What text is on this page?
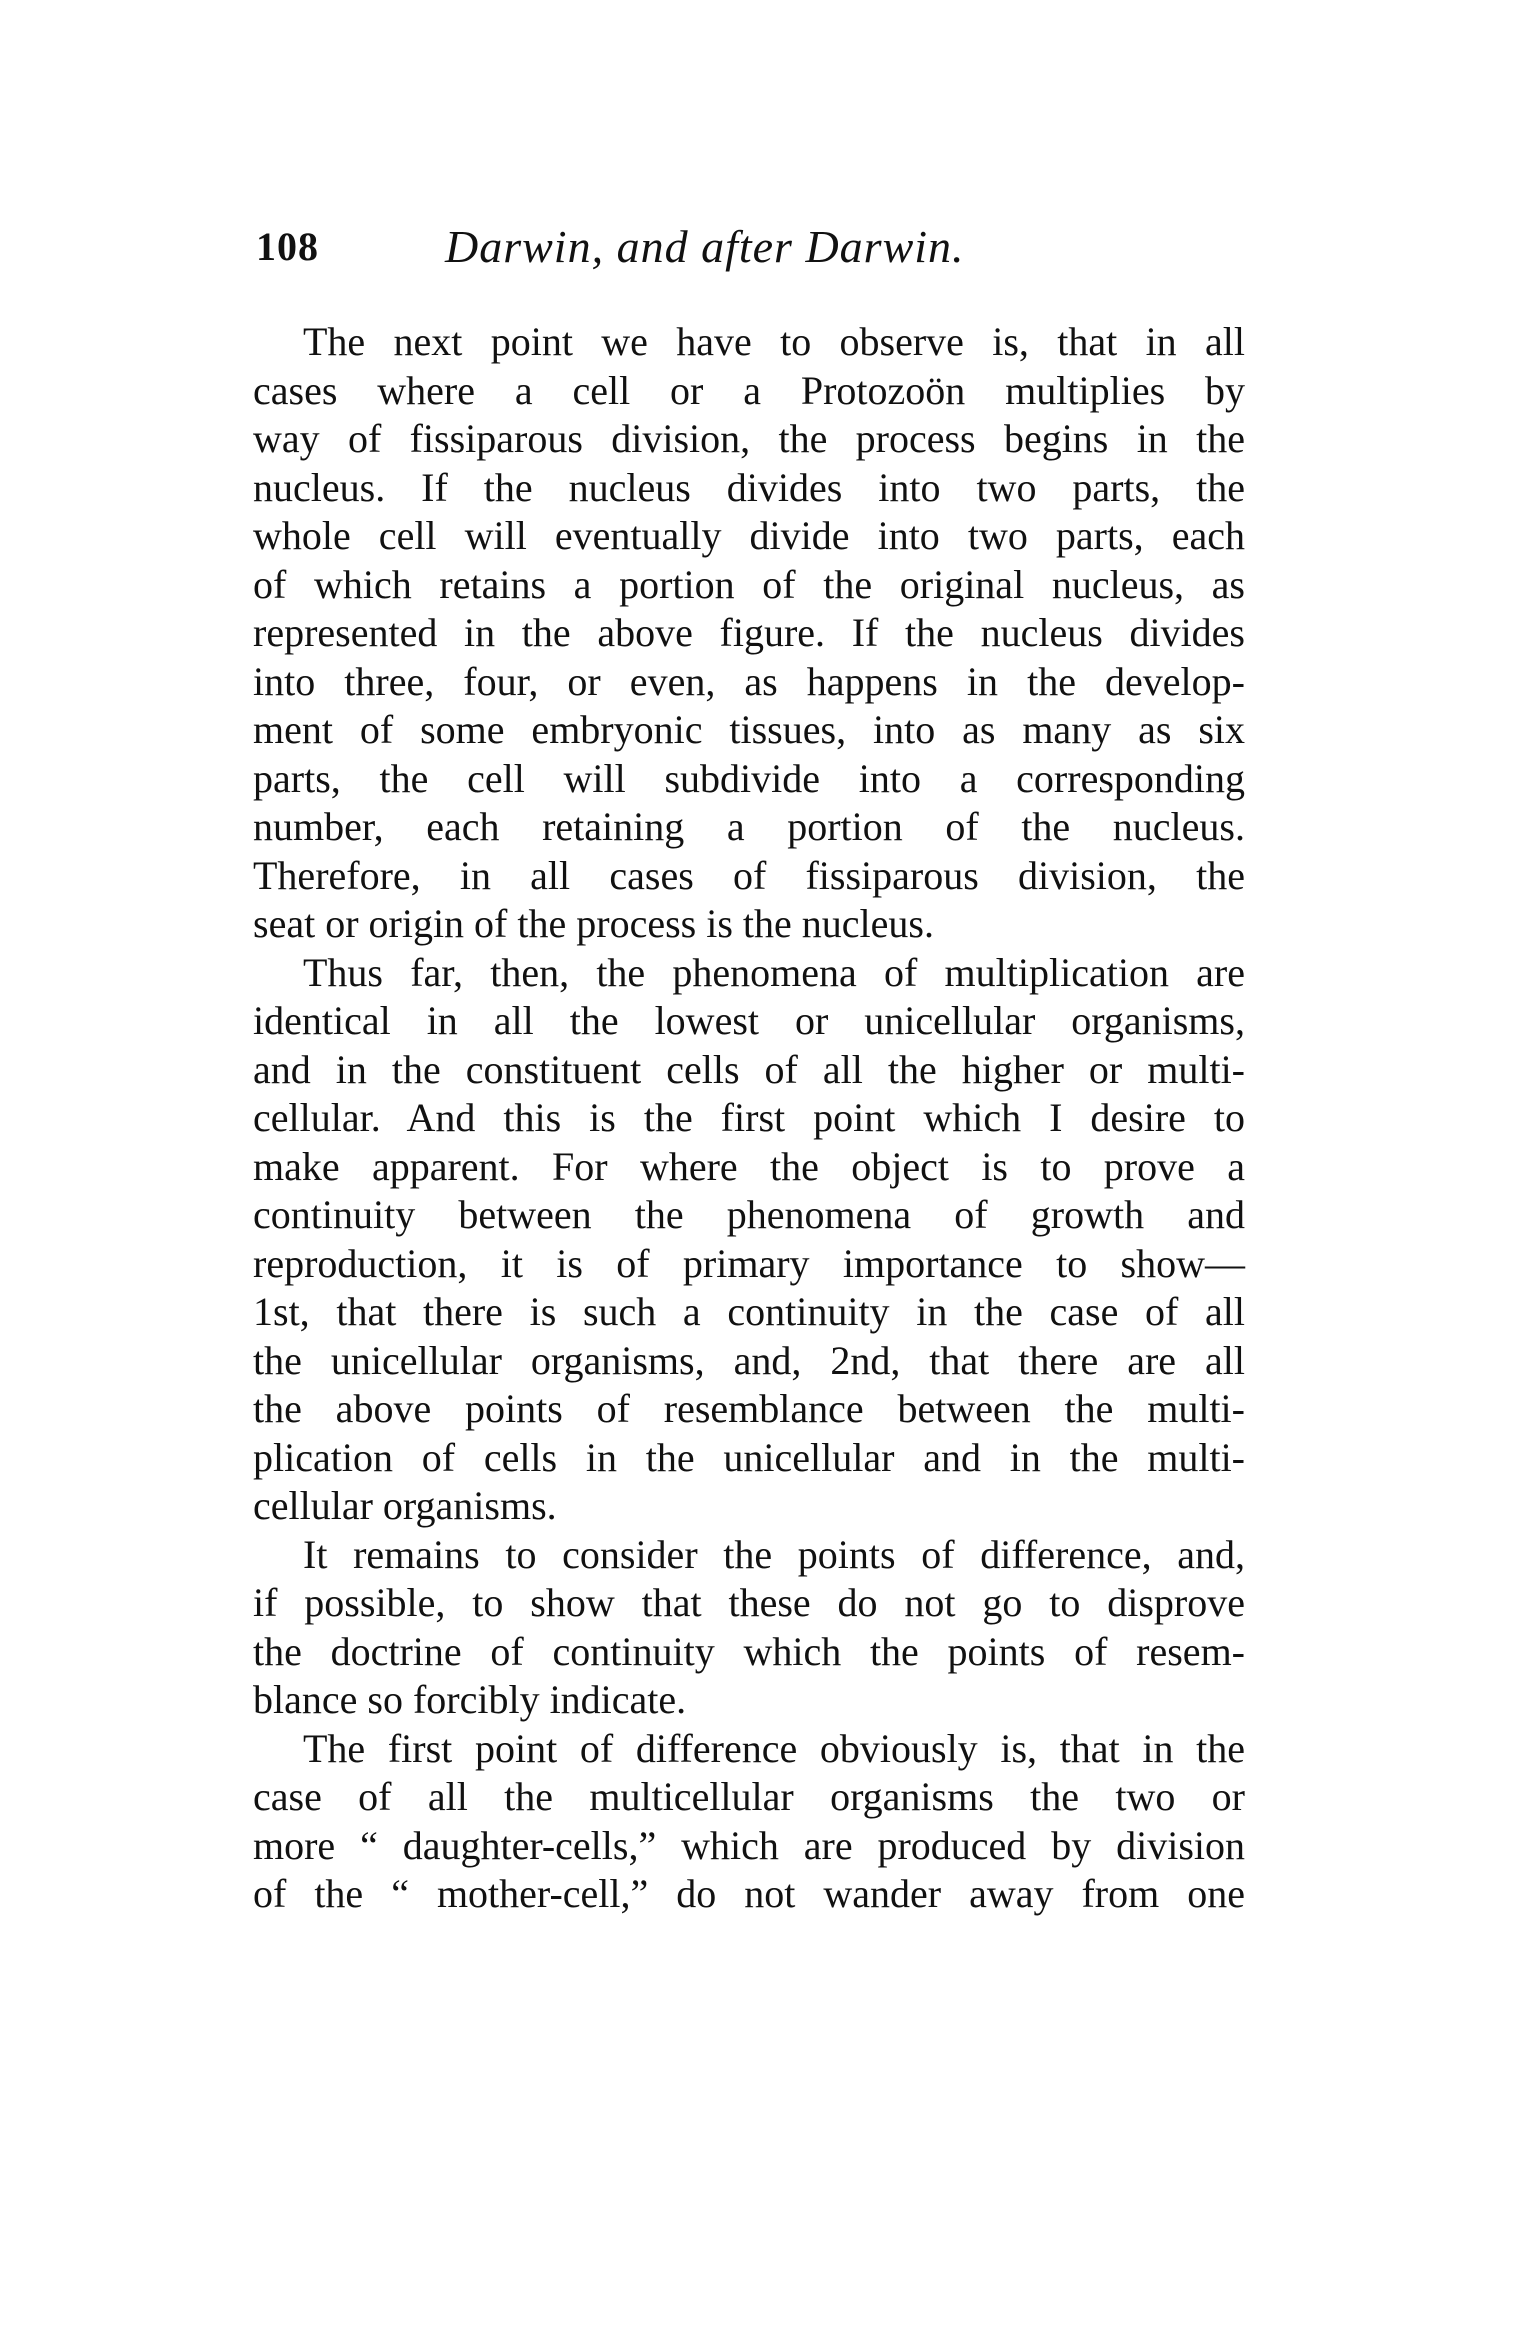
108	Darwin, and after Darwin.
The next point we have to observe is, that in all
cases where a cell or a Protozoön multiplies by
way of fissiparous division, the process begins in the
nucleus. If the nucleus divides into two parts, the
whole cell will eventually divide into two parts, each
of which retains a portion of the original nucleus, as
represented in the above figure. If the nucleus divides
into three, four, or even, as happens in the develop-
ment of some embryonic tissues, into as many as six
parts, the cell will subdivide into a corresponding
number, each retaining a portion of the nucleus.
Therefore, in all cases of fissiparous division, the
seat or origin of the process is the nucleus.
Thus far, then, the phenomena of multiplication are
identical in all the lowest or unicellular organisms,
and in the constituent cells of all the higher or multi-
cellular. And this is the first point which I desire to
make apparent. For where the object is to prove a
continuity between the phenomena of growth and
reproduction, it is of primary importance to show—
1st, that there is such a continuity in the case of all
the unicellular organisms, and, 2nd, that there are all
the above points of resemblance between the multi-
plication of cells in the unicellular and in the multi-
cellular organisms.
It remains to consider the points of difference, and,
if possible, to show that these do not go to disprove
the doctrine of continuity which the points of resem-
blance so forcibly indicate.
The first point of difference obviously is, that in the
case of all the multicellular organisms the two or
more “ daughter-cells,” which are produced by division
of the “ mother-cell,” do not wander away from one
